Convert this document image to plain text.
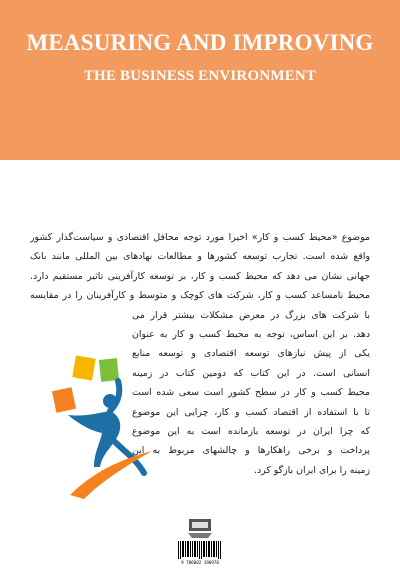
MEASURING AND IMPROVING
THE BUSINESS ENVIRONMENT
موضوع «محیط کسب و کار» اخیرا مورد توجه محافل اقتصادی و سیاست‌گذار کشور
واقع شده است. تجارب توسعه کشورها و مطالعات نهادهای بین المللی مانند بانک
جهانی نشان می دهد که محیط کسب و کار، بر توسعه کارآفرینی تاثیر مستقیم دارد.
محیط نامساعد کسب و کار، شرکت های کوچک و متوسط و کارآفرینان را در مقایسه
با شرکت های بزرگ در معرض مشکلات بیشتر قرار می
دهد. بر این اساس، توجه به محیط کسب و کار به عنوان
یکی از پیش نیازهای توسعه اقتصادی و توسعه منابع
انسانی است. در این کتاب که دومین کتاب در زمینه
محیط کسب و کار در سطح کشور است سعی شده است
تا با استفاده از اقتصاد کسب و کار، چرایی این موضوع
که چرا ایران در توسعه بازمانده است به این موضوع
پرداخت و برخی راهکارها و چالشهای مربوط به این
زمینه را برای ایران بازگو کرد.
9 786002 190970
